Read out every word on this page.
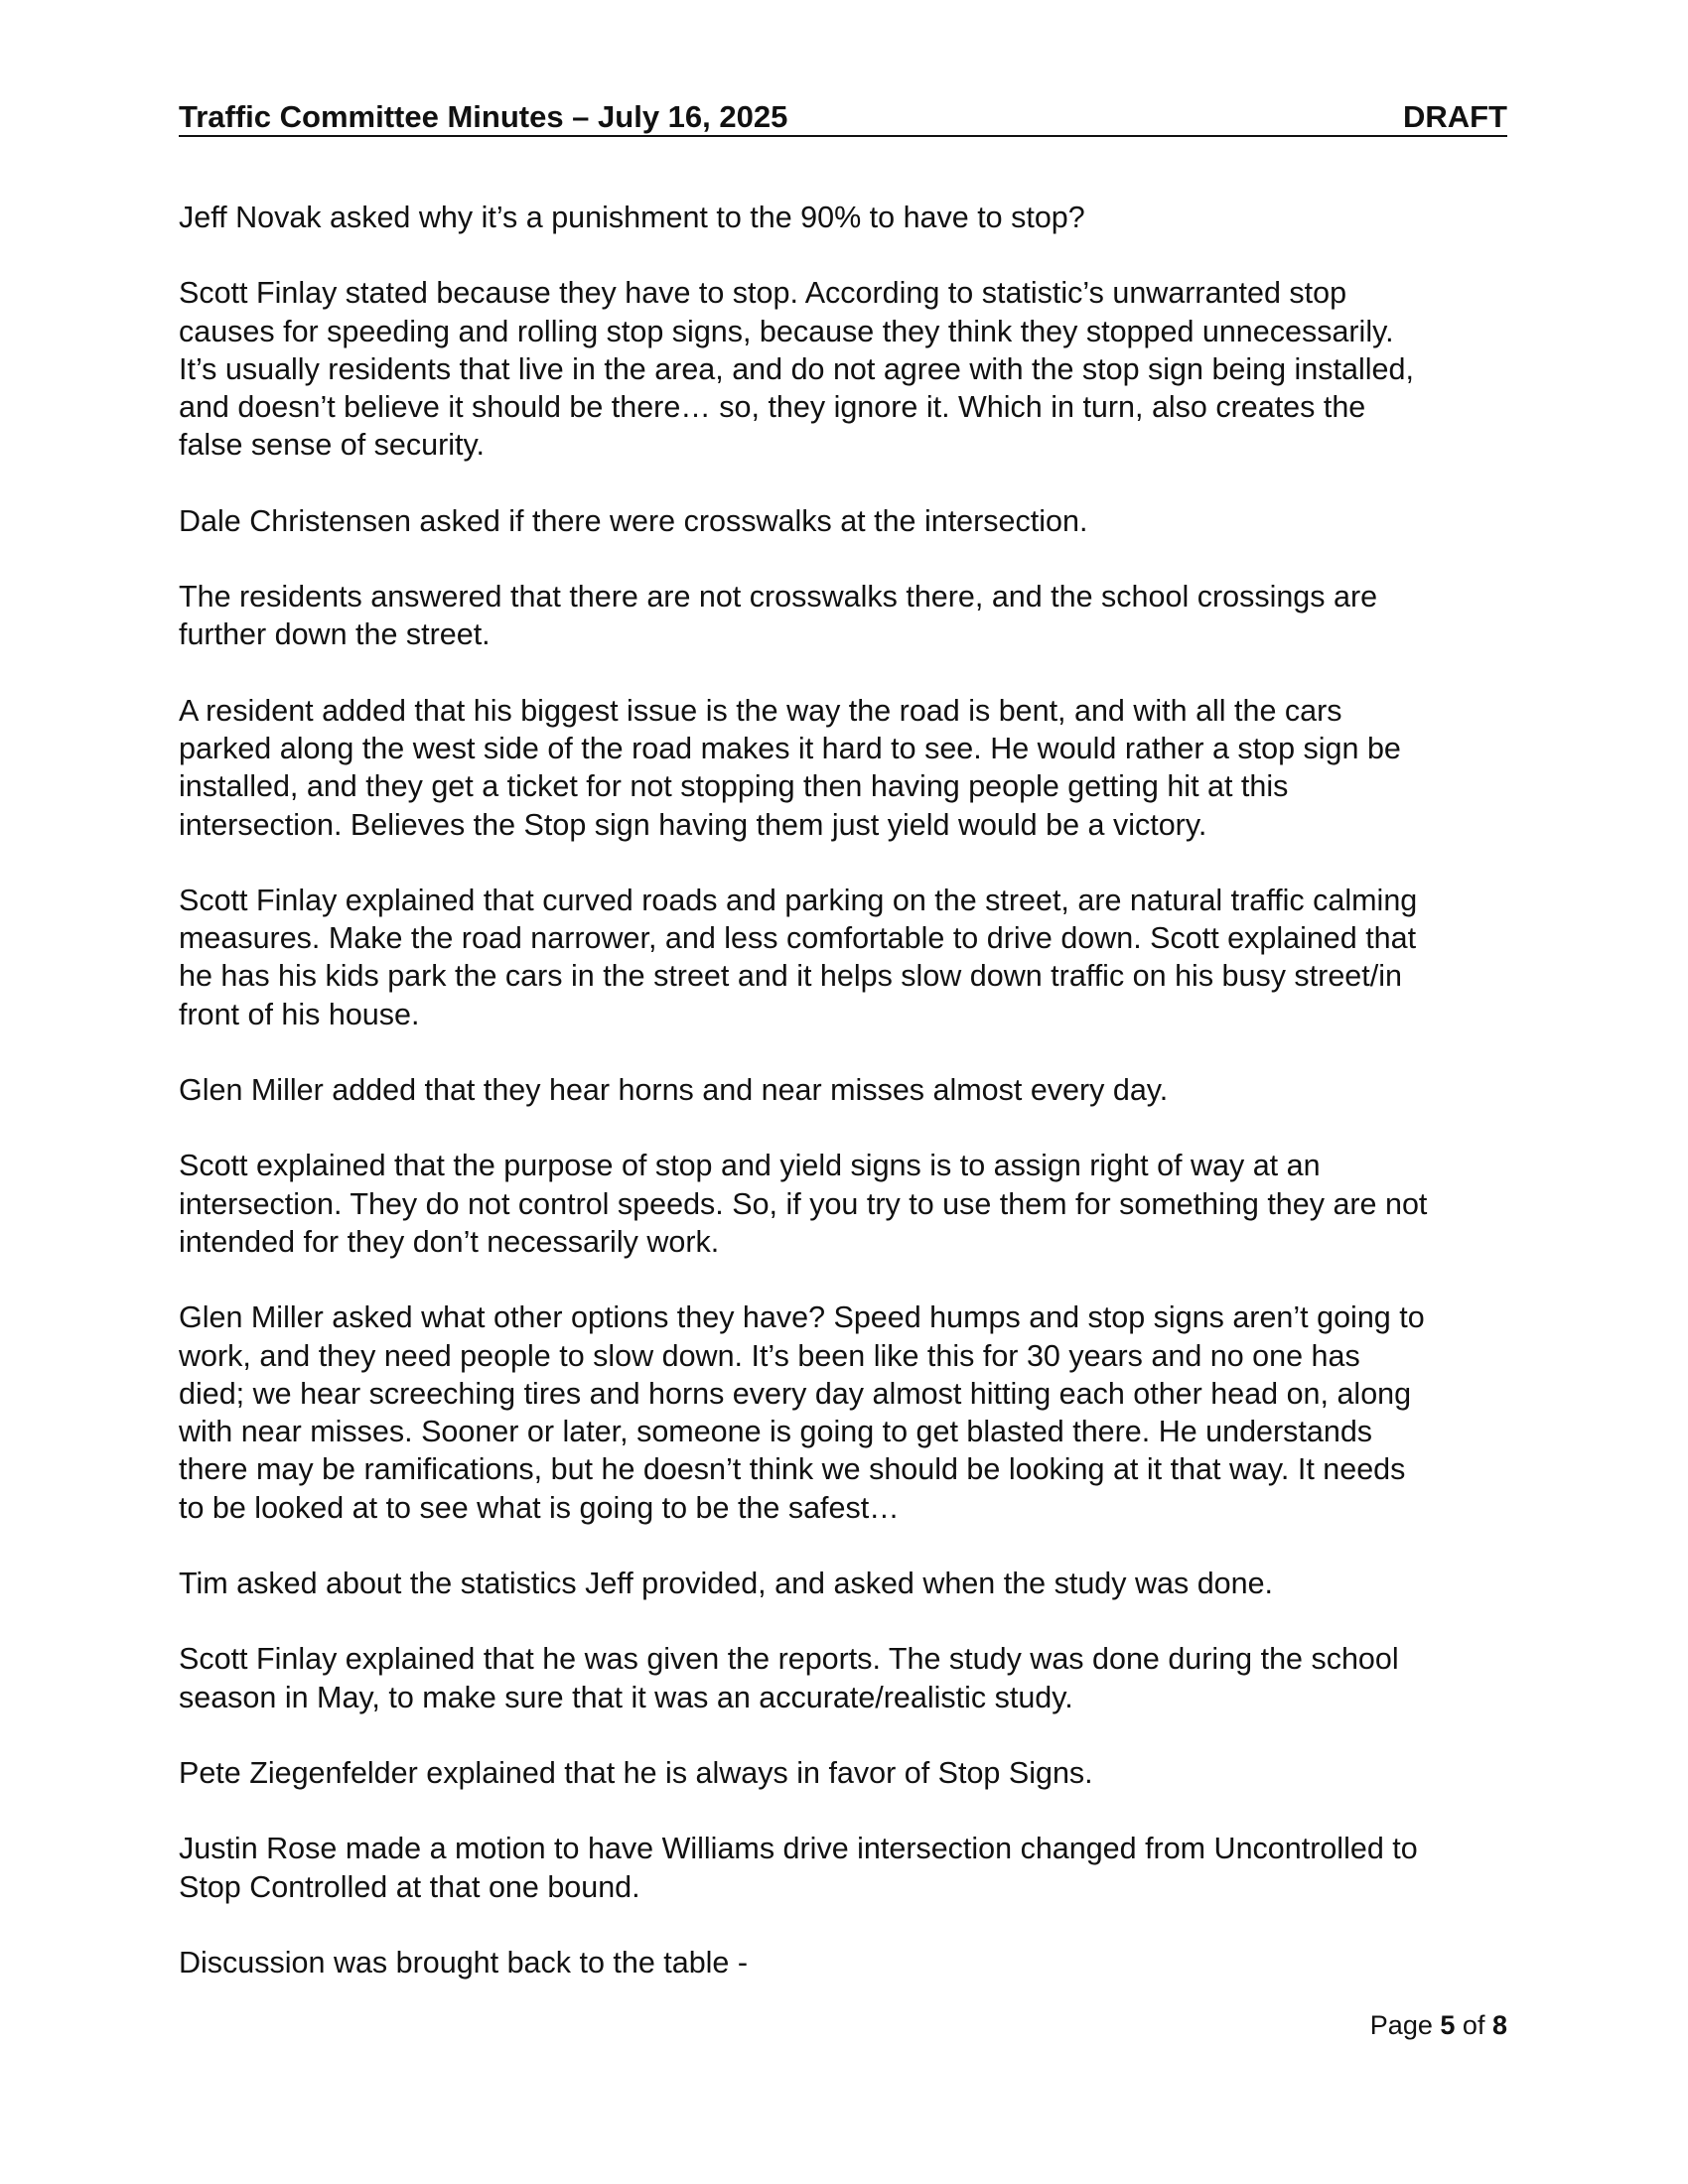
Traffic Committee Minutes – July 16, 2025	DRAFT

Jeff Novak asked why it’s a punishment to the 90% to have to stop?

Scott Finlay stated because they have to stop. According to statistic’s unwarranted stop
causes for speeding and rolling stop signs, because they think they stopped unnecessarily.
It’s usually residents that live in the area, and do not agree with the stop sign being installed,
and doesn’t believe it should be there… so, they ignore it. Which in turn, also creates the
false sense of security.

Dale Christensen asked if there were crosswalks at the intersection.

The residents answered that there are not crosswalks there, and the school crossings are
further down the street.

A resident added that his biggest issue is the way the road is bent, and with all the cars
parked along the west side of the road makes it hard to see. He would rather a stop sign be
installed, and they get a ticket for not stopping then having people getting hit at this
intersection. Believes the Stop sign having them just yield would be a victory.

Scott Finlay explained that curved roads and parking on the street, are natural traffic calming
measures. Make the road narrower, and less comfortable to drive down. Scott explained that
he has his kids park the cars in the street and it helps slow down traffic on his busy street/in
front of his house.

Glen Miller added that they hear horns and near misses almost every day.

Scott explained that the purpose of stop and yield signs is to assign right of way at an
intersection. They do not control speeds. So, if you try to use them for something they are not
intended for they don’t necessarily work.

Glen Miller asked what other options they have? Speed humps and stop signs aren’t going to
work, and they need people to slow down. It’s been like this for 30 years and no one has
died; we hear screeching tires and horns every day almost hitting each other head on, along
with near misses. Sooner or later, someone is going to get blasted there. He understands
there may be ramifications, but he doesn’t think we should be looking at it that way. It needs
to be looked at to see what is going to be the safest…

Tim asked about the statistics Jeff provided, and asked when the study was done.

Scott Finlay explained that he was given the reports. The study was done during the school
season in May, to make sure that it was an accurate/realistic study.

Pete Ziegenfelder explained that he is always in favor of Stop Signs.

Justin Rose made a motion to have Williams drive intersection changed from Uncontrolled to
Stop Controlled at that one bound.

Discussion was brought back to the table -

Page 5 of 8
